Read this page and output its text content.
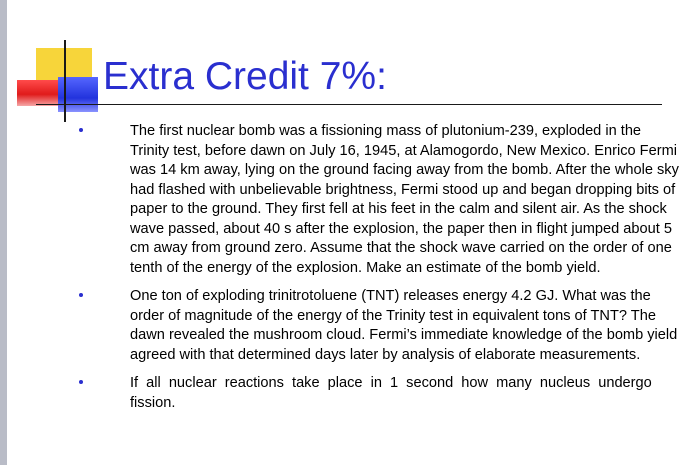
Extra Credit 7%:
The first nuclear bomb was a fissioning mass of plutonium-239, exploded in the Trinity test, before dawn on July 16, 1945, at Alamogordo, New Mexico. Enrico Fermi was 14 km away, lying on the ground facing away from the bomb. After the whole sky had flashed with unbelievable brightness, Fermi stood up and began dropping bits of paper to the ground. They first fell at his feet in the calm and silent air. As the shock wave passed, about 40 s after the explosion, the paper then in flight jumped about 5 cm away from ground zero. Assume that the shock wave carried on the order of one tenth of the energy of the explosion. Make an estimate of the bomb yield.
One ton of exploding trinitrotoluene (TNT) releases energy 4.2 GJ. What was the order of magnitude of the energy of the Trinity test in equivalent tons of TNT? The dawn revealed the mushroom cloud. Fermi’s immediate knowledge of the bomb yield agreed with that determined days later by analysis of elaborate measurements.
If all nuclear reactions take place in 1 second how many nucleus undergo fission.
